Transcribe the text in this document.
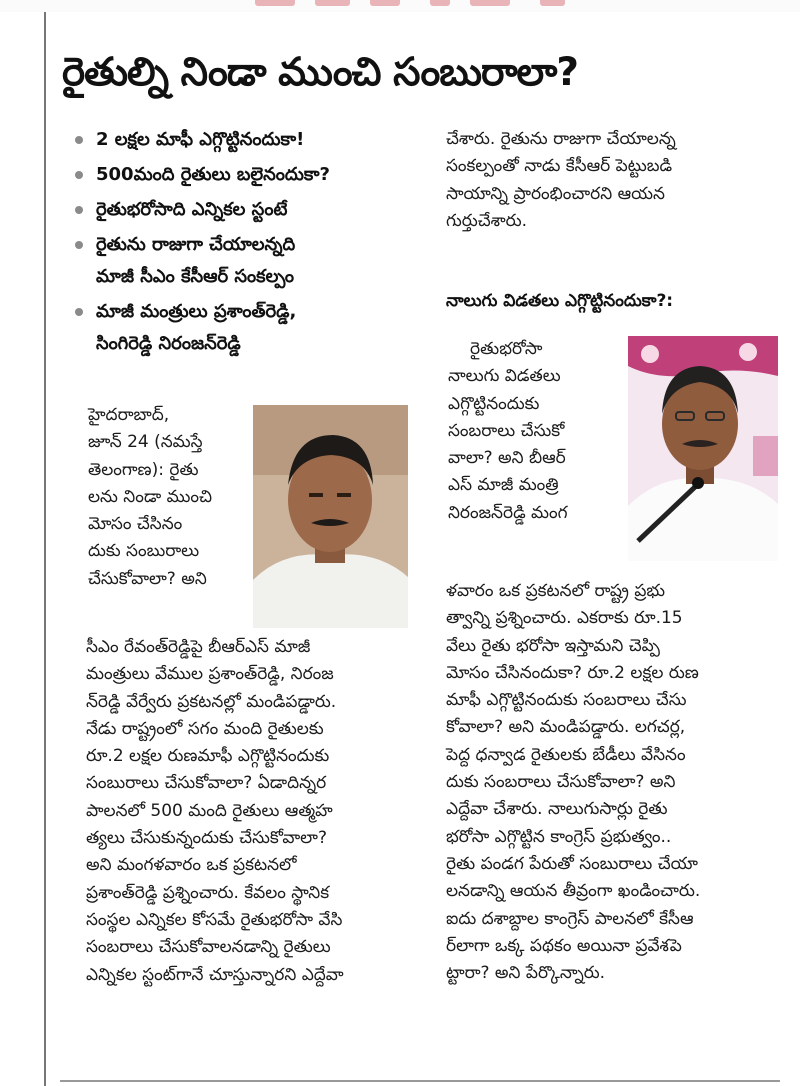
రైతుల్ని నిండా ముంచి సంబురాలా?
2 లక్షల మాఫీ ఎగ్గొట్టినందుకా!
500మంది రైతులు బలైనందుకా?
రైతుభరోసాది ఎన్నికల స్టంటే
రైతును రాజుగా చేయాలన్నది
మాజీ సీఎం కేసీఆర్ సంకల్పం
మాజీ మంత్రులు ప్రశాంత్‌రెడ్డి,
సింగిరెడ్డి నిరంజన్‌రెడ్డి

హైదరాబాద్,

జూన్ 24 (నమస్తే

తెలంగాణ): రైతు

లను నిండా ముంచి

మోసం చేసినం

దుకు సంబురాలు

చేసుకోవాలా? అని

సీఎం రేవంత్‌రెడ్డిపై బీఆర్ఎస్ మాజీ

మంత్రులు వేముల ప్రశాంత్‌రెడ్డి, నిరంజ

న్‌రెడ్డి వేర్వేరు ప్రకటనల్లో మండిపడ్డారు.

నేడు రాష్ట్రంలో సగం మంది రైతులకు

రూ.2 లక్షల రుణమాఫీ ఎగ్గొట్టినందుకు

సంబురాలు చేసుకోవాలా? ఏడాదిన్నర

పాలనలో 500 మంది రైతులు ఆత్మహ

త్యలు చేసుకున్నందుకు చేసుకోవాలా?

అని మంగళవారం ఒక ప్రకటనలో

ప్రశాంత్‌రెడ్డి ప్రశ్నించారు. కేవలం స్థానిక

సంస్థల ఎన్నికల కోసమే రైతుభరోసా వేసి

సంబరాలు చేసుకోవాలనడాన్ని రైతులు

ఎన్నికల స్టంట్‌గానే చూస్తున్నారని ఎద్దేవా

చేశారు. రైతును రాజుగా చేయాలన్న

సంకల్పంతో నాడు కేసీఆర్ పెట్టుబడి

సాయాన్ని ప్రారంభించారని ఆయన

గుర్తుచేశారు.

నాలుగు విడతలు ఎగ్గొట్టినందుకా?:

రైతుభరోసా

నాలుగు విడతలు

ఎగ్గొట్టినందుకు

సంబరాలు చేసుకో

వాలా? అని బీఆర్

ఎస్ మాజీ మంత్రి

నిరంజన్‌రెడ్డి మంగ

ళవారం ఒక ప్రకటనలో రాష్ట్ర ప్రభు

త్వాన్ని ప్రశ్నించారు. ఎకరాకు రూ.15

వేలు రైతు భరోసా ఇస్తామని చెప్పి

మోసం చేసినందుకా? రూ.2 లక్షల రుణ

మాఫీ ఎగ్గొట్టినందుకు సంబరాలు చేసు

కోవాలా? అని మండిపడ్డారు. లగచర్ల,

పెద్ద ధన్వాడ రైతులకు బేడీలు వేసినం

దుకు సంబరాలు చేసుకోవాలా? అని

ఎద్దేవా చేశారు. నాలుగుసార్లు రైతు

భరోసా ఎగ్గొట్టిన కాంగ్రెస్ ప్రభుత్వం..

రైతు పండగ పేరుతో సంబురాలు చేయా

లనడాన్ని ఆయన తీవ్రంగా ఖండించారు.

ఐదు దశాబ్దాల కాంగ్రెస్ పాలనలో కేసీఆ

ర్‌లాగా ఒక్క పథకం అయినా ప్రవేశపె

ట్టారా? అని పేర్కొన్నారు.
